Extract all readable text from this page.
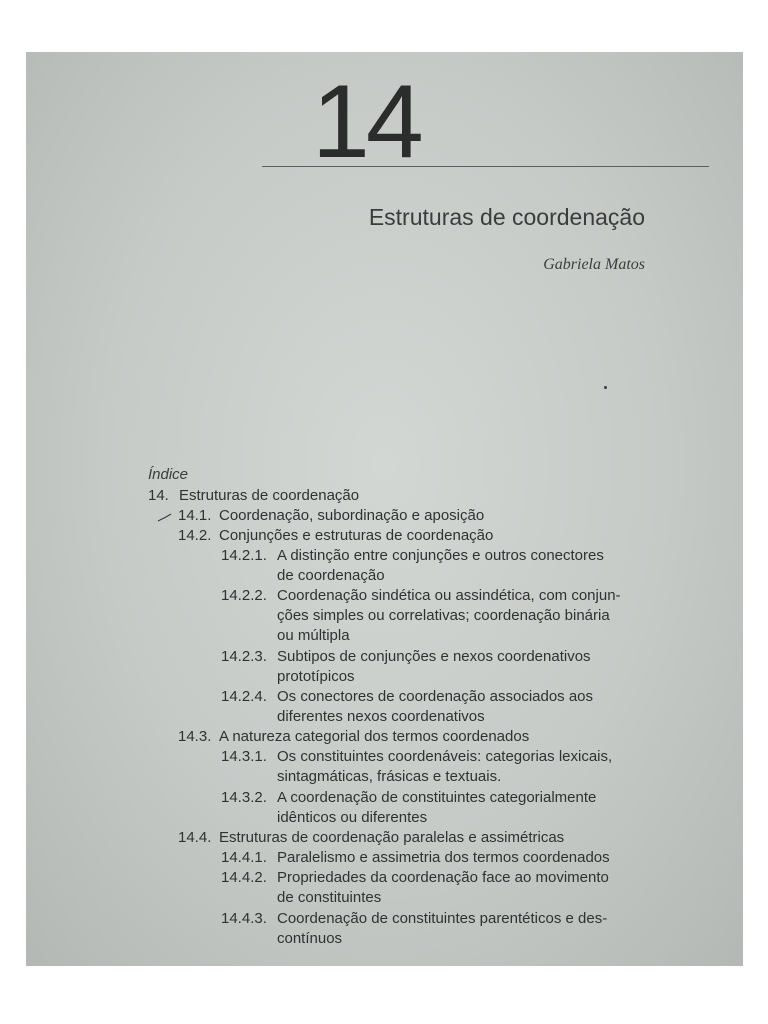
14
Estruturas de coordenação
Gabriela Matos
Índice
14. Estruturas de coordenação
14.1. Coordenação, subordinação e aposição
14.2. Conjunções e estruturas de coordenação
14.2.1. A distinção entre conjunções e outros conectores
de coordenação
14.2.2. Coordenação sindética ou assindética, com conjun-
ções simples ou correlativas; coordenação binária
ou múltipla
14.2.3. Subtipos de conjunções e nexos coordenativos
prototípicos
14.2.4. Os conectores de coordenação associados aos
diferentes nexos coordenativos
14.3. A natureza categorial dos termos coordenados
14.3.1. Os constituintes coordenáveis: categorias lexicais,
sintagmáticas, frásicas e textuais.
14.3.2. A coordenação de constituintes categorialmente
idênticos ou diferentes
14.4. Estruturas de coordenação paralelas e assimétricas
14.4.1. Paralelismo e assimetria dos termos coordenados
14.4.2. Propriedades da coordenação face ao movimento
de constituintes
14.4.3. Coordenação de constituintes parentéticos e des-
contínuos
